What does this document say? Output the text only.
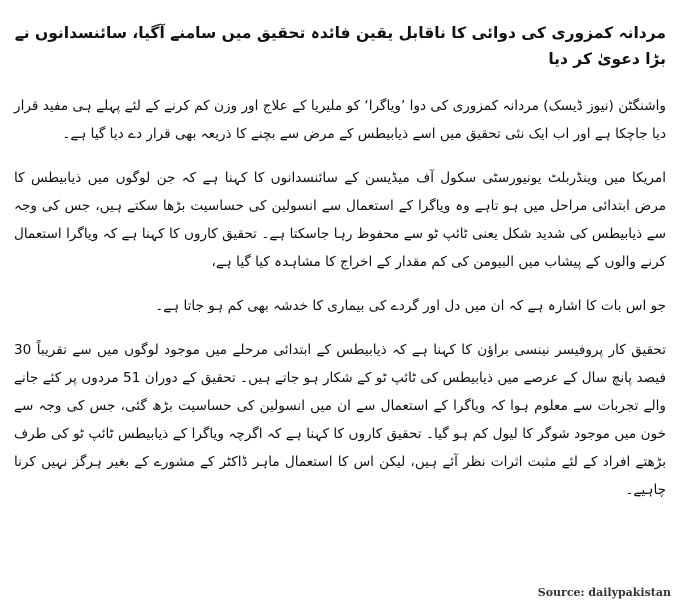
مردانہ کمزوری کی دوائی کا ناقابل یقین فائدہ تحقیق میں سامنے آگیا، سائنسدانوں نے بڑا دعویٰ کر دیا

واشنگٹن (نیوز ڈیسک) مردانہ کمزوری کی دوا ’ویاگرا‘ کو ملیریا کے علاج اور وزن کم کرنے کے لئے پہلے ہی مفید قرار دیا جاچکا ہے اور اب ایک نئی تحقیق میں اسے ذیابیطس کے مرض سے بچنے کا ذریعہ بھی قرار دے دیا گیا ہے۔

امریکا میں وینڈربلٹ یونیورسٹی سکول آف میڈیسن کے سائنسدانوں کا کہنا ہے کہ جن لوگوں میں ذیابیطس کا مرض ابتدائی مراحل میں ہو تاہے وہ ویاگرا کے استعمال سے انسولین کی حساسیت بڑھا سکتے ہیں، جس کی وجہ سے ذیابیطس کی شدید شکل یعنی ٹائپ ٹو سے محفوظ رہا جاسکتا ہے۔ تحقیق کاروں کا کہنا ہے کہ ویاگرا استعمال کرنے والوں کے پیشاب میں البیومن کی کم مقدار کے اخراج کا مشاہدہ کیا گیا ہے،

جو اس بات کا اشارہ ہے کہ ان میں دل اور گردے کی بیماری کا خدشہ بھی کم ہو جاتا ہے۔

تحقیق کار پروفیسر نینسی براؤن کا کہنا ہے کہ ذیابیطس کے ابتدائی مرحلے میں موجود لوگوں میں سے تقریباً 30 فیصد پانچ سال کے عرصے میں ذیابیطس کی ٹائپ ٹو کے شکار ہو جاتے ہیں۔ تحقیق کے دوران 51 مردوں پر کئے جانے والے تجربات سے معلوم ہوا کہ ویاگرا کے استعمال سے ان میں انسولین کی حساسیت بڑھ گئی، جس کی وجہ سے خون میں موجود شوگر کا لیول کم ہو گیا۔ تحقیق کاروں کا کہنا ہے کہ اگرچہ ویاگرا کے ذیابیطس ٹائپ ٹو کی طرف بڑھتے افراد کے لئے مثبت اثرات نظر آئے ہیں، لیکن اس کا استعمال ماہر ڈاکٹر کے مشورے کے بغیر ہرگز نہیں کرنا چاہیے۔

Source: dailypakistan
